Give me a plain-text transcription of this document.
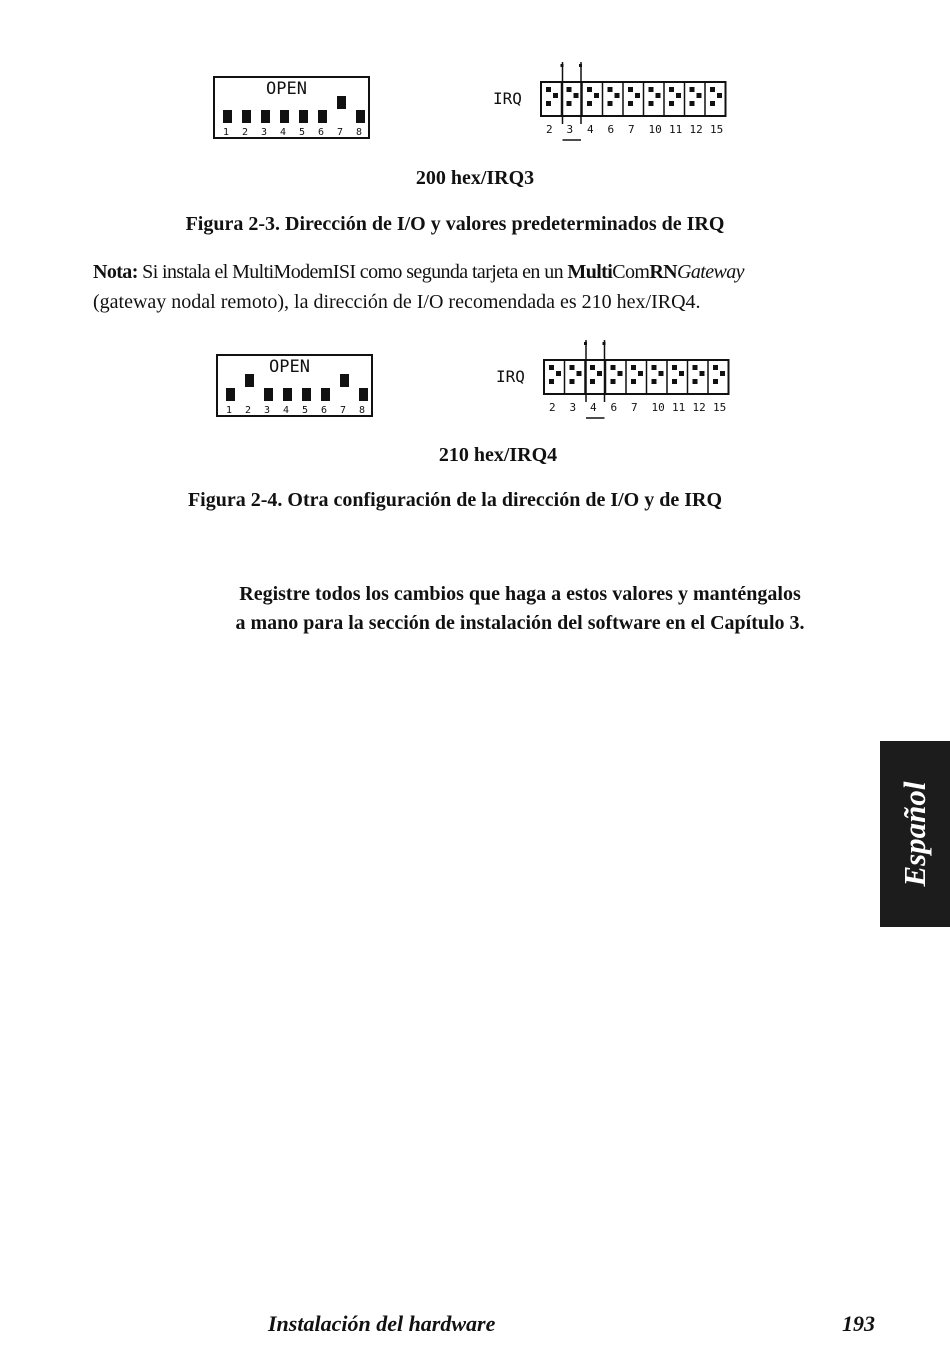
OPEN
1 2 3 4 5 6 7 8
IRQ
2 3 4 6 7 10 11 12 15
200 hex/IRQ3
Figura 2-3. Dirección de I/O y valores predeterminados de IRQ
Nota: Si instala el MultiModemISI como segunda tarjeta en un MultiComRNGateway
(gateway nodal remoto), la dirección de I/O recomendada es 210 hex/IRQ4.
OPEN
1 2 3 4 5 6 7 8
IRQ
2 3 4 6 7 10 11 12 15
210 hex/IRQ4
Figura 2-4. Otra configuración de la dirección de I/O y de IRQ
Registre todos los cambios que haga a estos valores y manténgalos
a mano para la sección de instalación del software en el Capítulo 3.
Español
Instalación del hardware	193
